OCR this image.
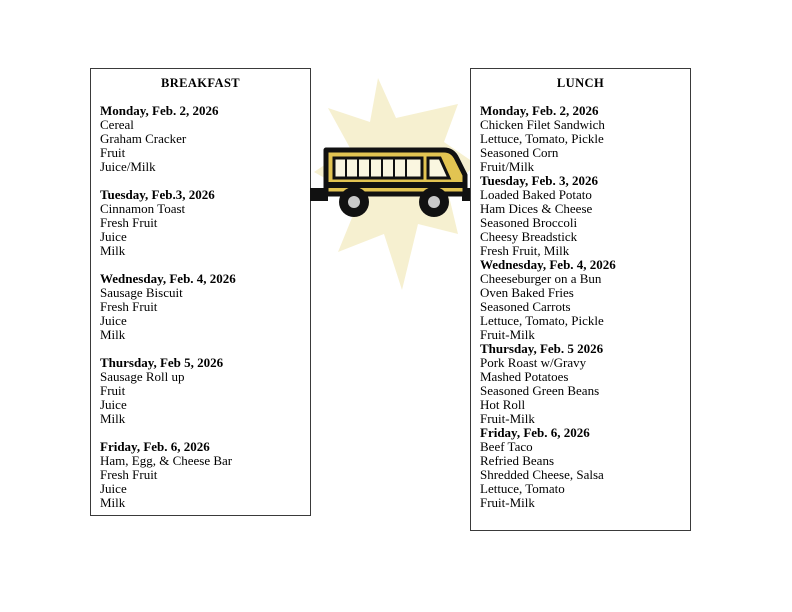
BREAKFAST
Monday, Feb. 2, 2026
Cereal
Graham Cracker
Fruit
Juice/Milk
Tuesday, Feb.3, 2026
Cinnamon Toast
Fresh Fruit
Juice
Milk
Wednesday, Feb. 4, 2026
Sausage Biscuit
Fresh Fruit
Juice
Milk
Thursday, Feb 5, 2026
Sausage Roll up
Fruit
Juice
Milk
Friday, Feb. 6, 2026
Ham, Egg, & Cheese Bar
Fresh Fruit
Juice
Milk
LUNCH
Monday, Feb. 2, 2026
Chicken Filet Sandwich
Lettuce, Tomato, Pickle
Seasoned Corn
Fruit/Milk
Tuesday, Feb. 3, 2026
Loaded Baked Potato
Ham Dices & Cheese
Seasoned Broccoli
Cheesy Breadstick
Fresh Fruit, Milk
Wednesday, Feb. 4, 2026
Cheeseburger on a Bun
Oven Baked Fries
Seasoned Carrots
Lettuce, Tomato, Pickle
Fruit-Milk
Thursday, Feb. 5 2026
Pork Roast w/Gravy
Mashed Potatoes
Seasoned Green Beans
Hot Roll
Fruit-Milk
Friday, Feb. 6, 2026
Beef Taco
Refried Beans
Shredded Cheese, Salsa
Lettuce, Tomato
Fruit-Milk
